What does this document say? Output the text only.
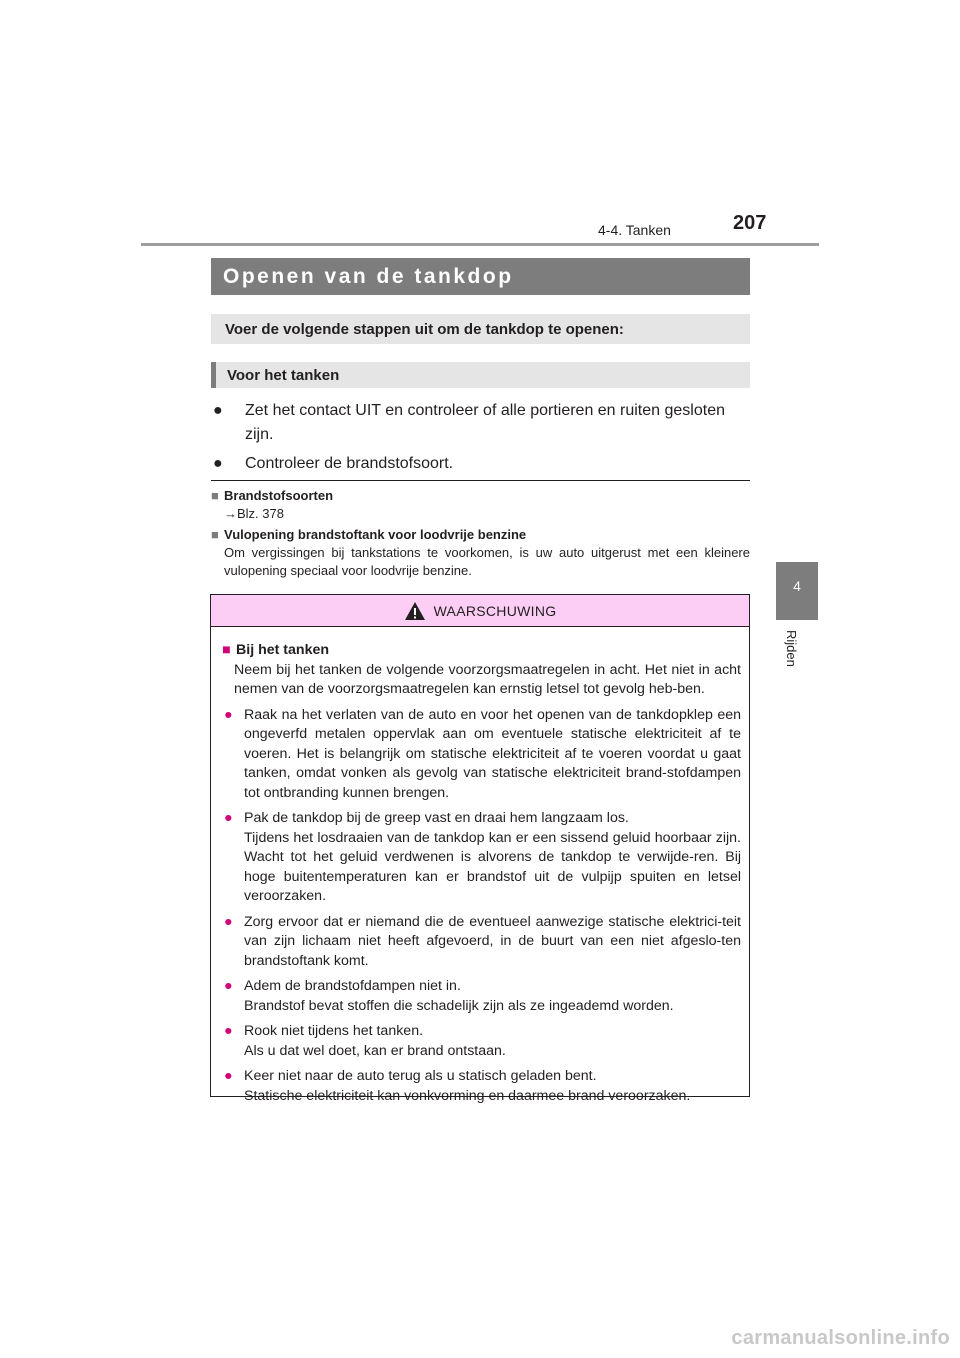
4-4. Tanken	207
4
Rijden
Openen van de tankdop
Voer de volgende stappen uit om de tankdop te openen:
Voor het tanken
●	Zet het contact UIT en controleer of alle portieren en ruiten gesloten zijn.
●	Controleer de brandstofsoort.
■ Brandstofsoorten
→Blz. 378
■ Vulopening brandstoftank voor loodvrije benzine
Om vergissingen bij tankstations te voorkomen, is uw auto uitgerust met een kleinere vulopening speciaal voor loodvrije benzine.
WAARSCHUWING
■ Bij het tanken
Neem bij het tanken de volgende voorzorgsmaatregelen in acht. Het niet in acht nemen van de voorzorgsmaatregelen kan ernstig letsel tot gevolg heb-ben.
● Raak na het verlaten van de auto en voor het openen van de tankdopklep een ongeverfd metalen oppervlak aan om eventuele statische elektriciteit af te voeren. Het is belangrijk om statische elektriciteit af te voeren voordat u gaat tanken, omdat vonken als gevolg van statische elektriciteit brand-stofdampen tot ontbranding kunnen brengen.
● Pak de tankdop bij de greep vast en draai hem langzaam los.
Tijdens het losdraaien van de tankdop kan er een sissend geluid hoorbaar zijn. Wacht tot het geluid verdwenen is alvorens de tankdop te verwijde-ren. Bij hoge buitentemperaturen kan er brandstof uit de vulpijp spuiten en letsel veroorzaken.
● Zorg ervoor dat er niemand die de eventueel aanwezige statische elektrici-teit van zijn lichaam niet heeft afgevoerd, in de buurt van een niet afgeslo-ten brandstoftank komt.
● Adem de brandstofdampen niet in.
Brandstof bevat stoffen die schadelijk zijn als ze ingeademd worden.
● Rook niet tijdens het tanken.
Als u dat wel doet, kan er brand ontstaan.
● Keer niet naar de auto terug als u statisch geladen bent.
Statische elektriciteit kan vonkvorming en daarmee brand veroorzaken.
carmanualsonline.info
